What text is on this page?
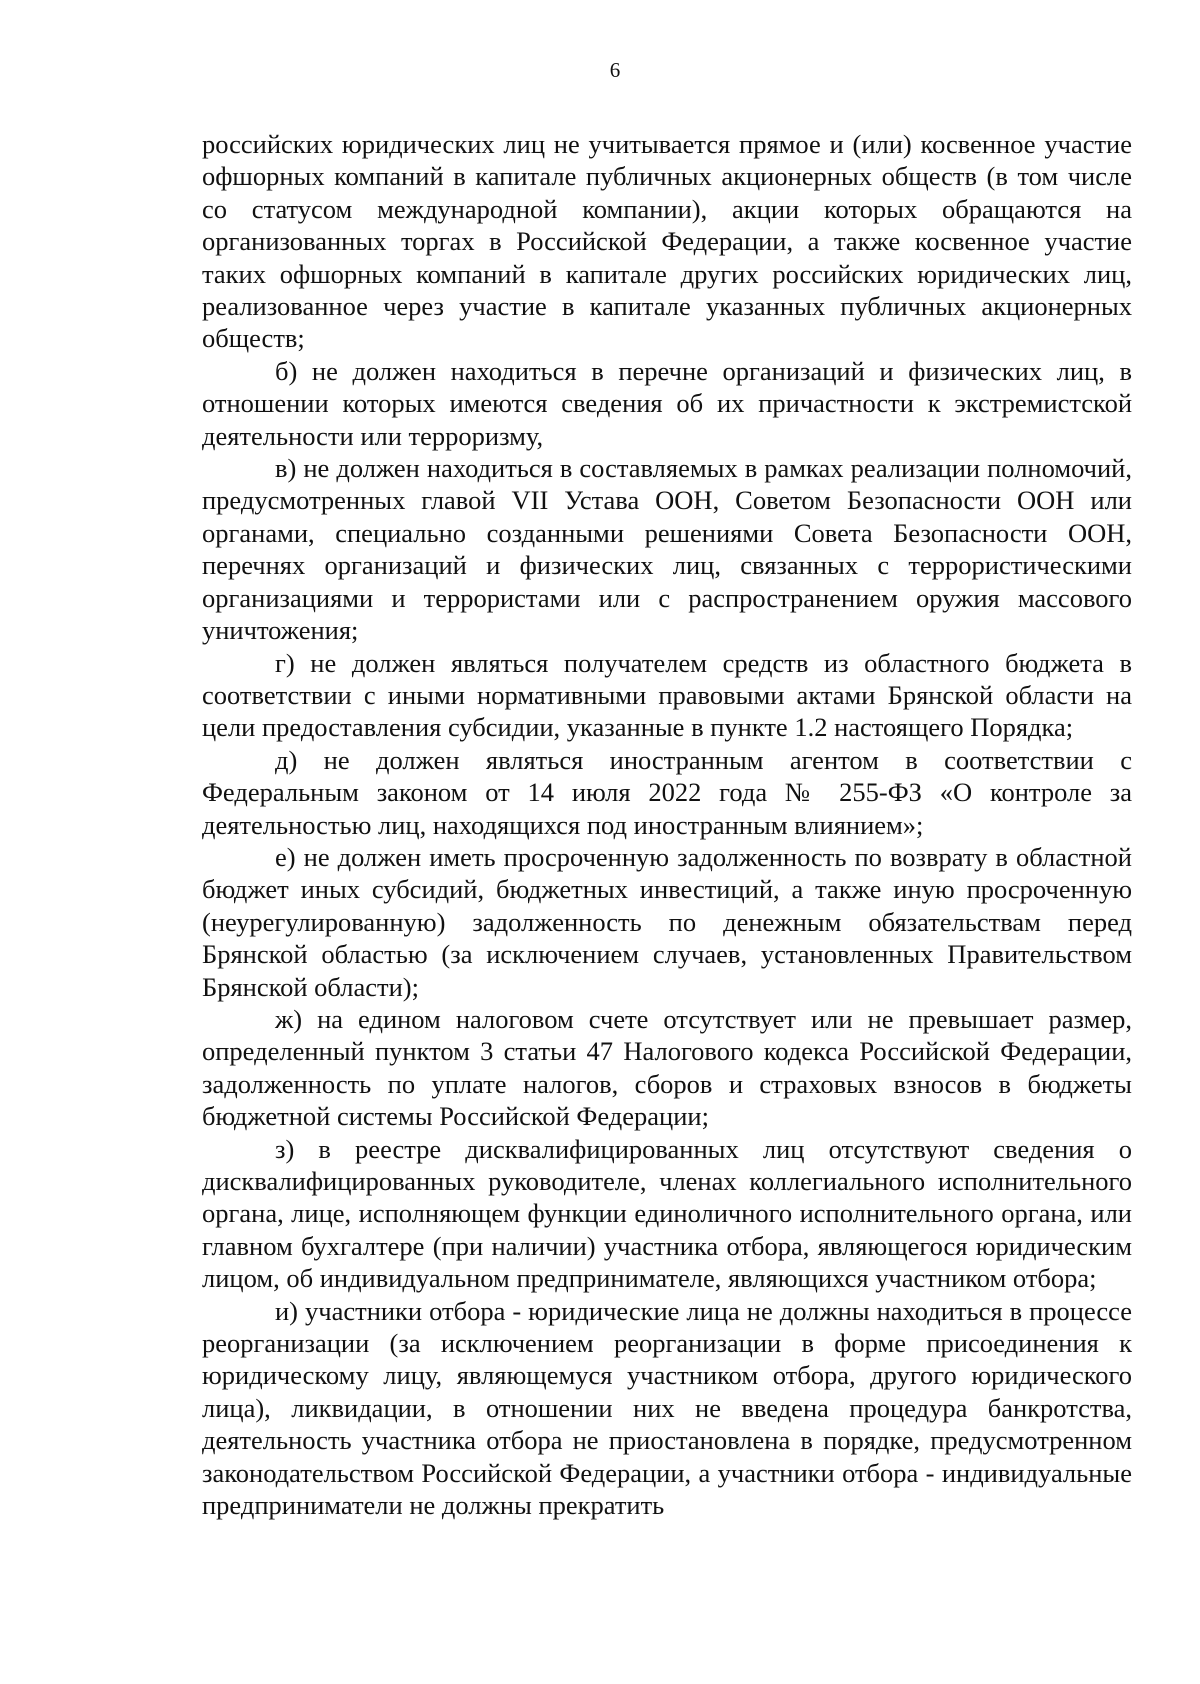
6

российских юридических лиц не учитывается прямое и (или) косвенное участие офшорных компаний в капитале публичных акционерных обществ (в том числе со статусом международной компании), акции которых обращаются на организованных торгах в Российской Федерации, а также косвенное участие таких офшорных компаний в капитале других российских юридических лиц, реализованное через участие в капитале указанных публичных акционерных обществ;

б) не должен находиться в перечне организаций и физических лиц, в отношении которых имеются сведения об их причастности к экстремистской деятельности или терроризму,

в) не должен находиться в составляемых в рамках реализации полномочий, предусмотренных главой VII Устава ООН, Советом Безопасности ООН или органами, специально созданными решениями Совета Безопасности ООН, перечнях организаций и физических лиц, связанных с террористическими организациями и террористами или с распространением оружия массового уничтожения;

г) не должен являться получателем средств из областного бюджета в соответствии с иными нормативными правовыми актами Брянской области на цели предоставления субсидии, указанные в пункте 1.2 настоящего Порядка;

д) не должен являться иностранным агентом в соответствии с Федеральным законом от 14 июля 2022 года № 255-ФЗ «О контроле за деятельностью лиц, находящихся под иностранным влиянием»;

е) не должен иметь просроченную задолженность по возврату в областной бюджет иных субсидий, бюджетных инвестиций, а также иную просроченную (неурегулированную) задолженность по денежным обязательствам перед Брянской областью (за исключением случаев, установленных Правительством Брянской области);

ж) на едином налоговом счете отсутствует или не превышает размер, определенный пунктом 3 статьи 47 Налогового кодекса Российской Федерации, задолженность по уплате налогов, сборов и страховых взносов в бюджеты бюджетной системы Российской Федерации;

з) в реестре дисквалифицированных лиц отсутствуют сведения о дисквалифицированных руководителе, членах коллегиального исполнительного органа, лице, исполняющем функции единоличного исполнительного органа, или главном бухгалтере (при наличии) участника отбора, являющегося юридическим лицом, об индивидуальном предпринимателе, являющихся участником отбора;

и) участники отбора - юридические лица не должны находиться в процессе реорганизации (за исключением реорганизации в форме присоединения к юридическому лицу, являющемуся участником отбора, другого юридического лица), ликвидации, в отношении них не введена процедура банкротства, деятельность участника отбора не приостановлена в порядке, предусмотренном законодательством Российской Федерации, а участники отбора - индивидуальные предприниматели не должны прекратить
